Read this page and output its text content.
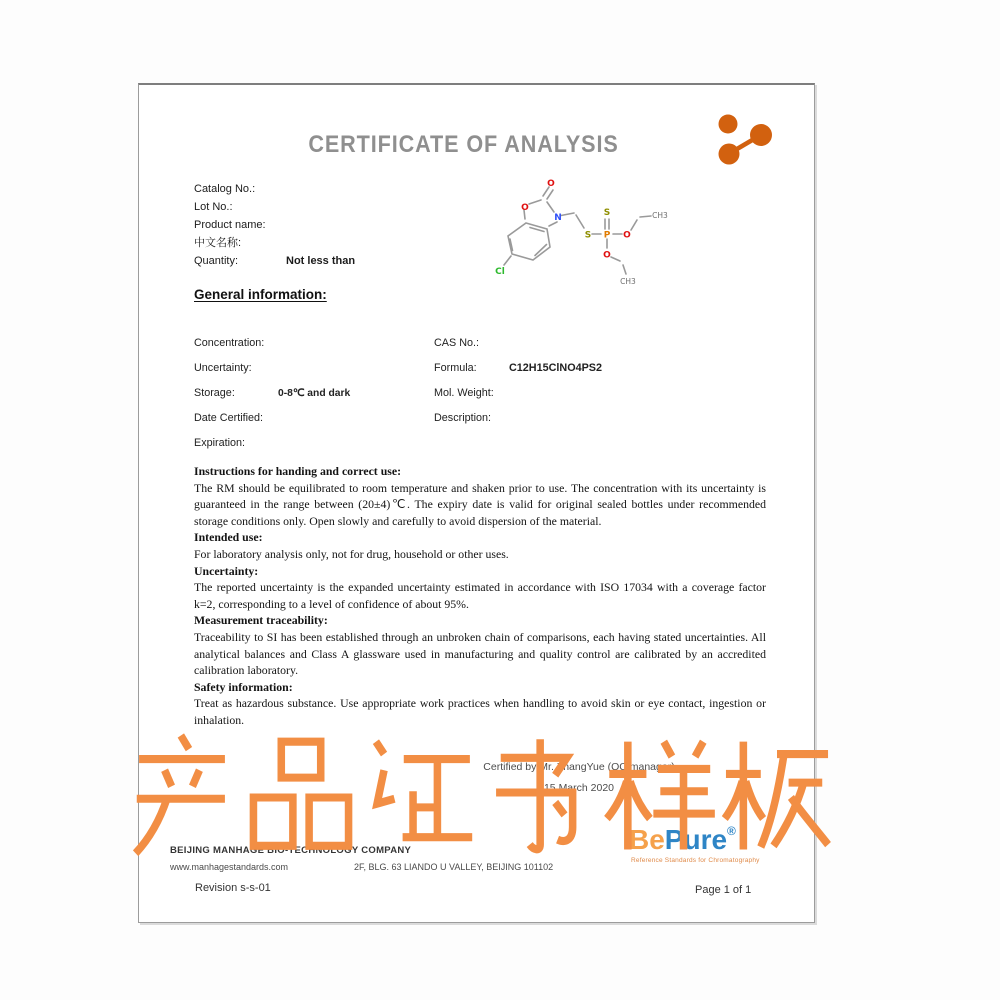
CERTIFICATE OF ANALYSIS
Catalog No.:
Lot No.:
Product name:
中文名称:
Quantity:	Not less than
O
O
N
S P
S
O
O
Cl
CH3
CH3
General information:
Concentration:	CAS No.:
Uncertainty:	Formula:	C12H15ClNO4PS2
Storage:	0-8℃ and dark	Mol. Weight:
Date Certified:	Description:
Expiration:
Instructions for handing and correct use:
The RM should be equilibrated to room temperature and shaken prior to use. The concentration with its uncertainty is guaranteed in the range between (20±4)℃. The expiry date is valid for original sealed bottles under recommended storage conditions only. Open slowly and carefully to avoid dispersion of the material.
Intended use:
For laboratory analysis only, not for drug, household or other uses.
Uncertainty:
The reported uncertainty is the expanded uncertainty estimated in accordance with ISO 17034 with a coverage factor k=2, corresponding to a level of confidence of about 95%.
Measurement traceability:
Traceability to SI has been established through an unbroken chain of comparisons, each having stated uncertainties. All analytical balances and Class A glassware used in manufacturing and quality control are calibrated by an accredited calibration laboratory.
Safety information:
Treat as hazardous substance. Use appropriate work practices when handling to avoid skin or eye contact, ingestion or inhalation.
Certified by Mr. ZhangYue (QC manager)
15 March 2020
BEIJING MANHAGE BIO-TECHNOLOGY COMPANY
www.manhagestandards.com	2F, BLG. 63 LIANDO U VALLEY, BEIJING 101102
BePure®
Reference Standards for Chromatography
Revision s-s-01	Page 1 of 1
